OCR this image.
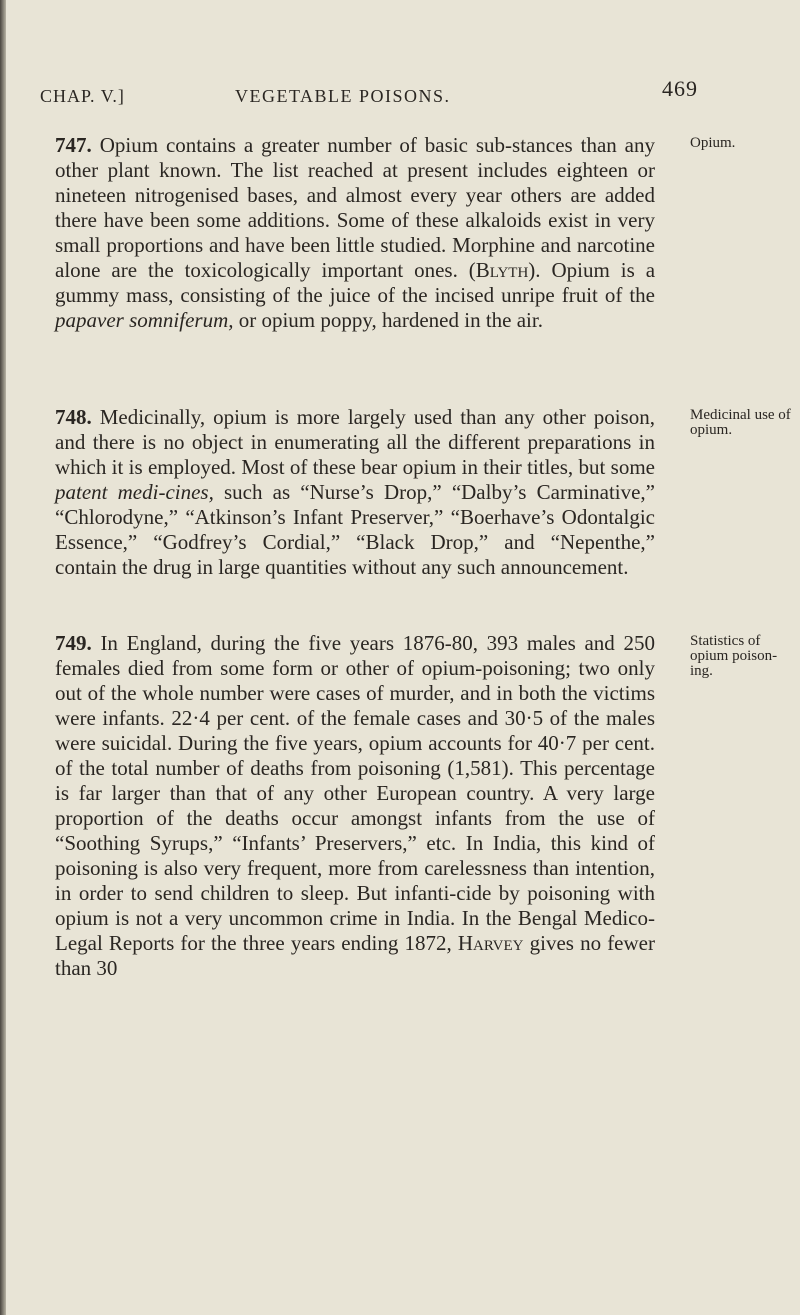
CHAP. V.]	VEGETABLE POISONS.	469

747. Opium contains a greater number of basic sub-stances than any other plant known. The list reached at present includes eighteen or nineteen nitrogenised bases, and almost every year others are added there have been some additions. Some of these alkaloids exist in very small proportions and have been little studied. Morphine and narcotine alone are the toxicologically important ones. (Blyth). Opium is a gummy mass, consisting of the juice of the incised unripe fruit of the papaver somniferum, or opium poppy, hardened in the air.

Opium.

748. Medicinally, opium is more largely used than any other poison, and there is no object in enumerating all the different preparations in which it is employed. Most of these bear opium in their titles, but some patent medi-cines, such as “Nurse’s Drop,” “Dalby’s Carminative,” “Chlorodyne,” “Atkinson’s Infant Preserver,” “Boerhave’s Odontalgic Essence,” “Godfrey’s Cordial,” “Black Drop,” and “Nepenthe,” contain the drug in large quantities without any such announcement.

Medicinal use of opium.

749. In England, during the five years 1876-80, 393 males and 250 females died from some form or other of opium-poisoning; two only out of the whole number were cases of murder, and in both the victims were infants. 22·4 per cent. of the female cases and 30·5 of the males were suicidal. During the five years, opium accounts for 40·7 per cent. of the total number of deaths from poisoning (1,581). This percentage is far larger than that of any other European country. A very large proportion of the deaths occur amongst infants from the use of “Soothing Syrups,” “Infants’ Preservers,” etc. In India, this kind of poisoning is also very frequent, more from carelessness than intention, in order to send children to sleep. But infanti-cide by poisoning with opium is not a very uncommon crime in India. In the Bengal Medico-Legal Reports for the three years ending 1872, Harvey gives no fewer than 30

Statistics of opium poison-ing.
